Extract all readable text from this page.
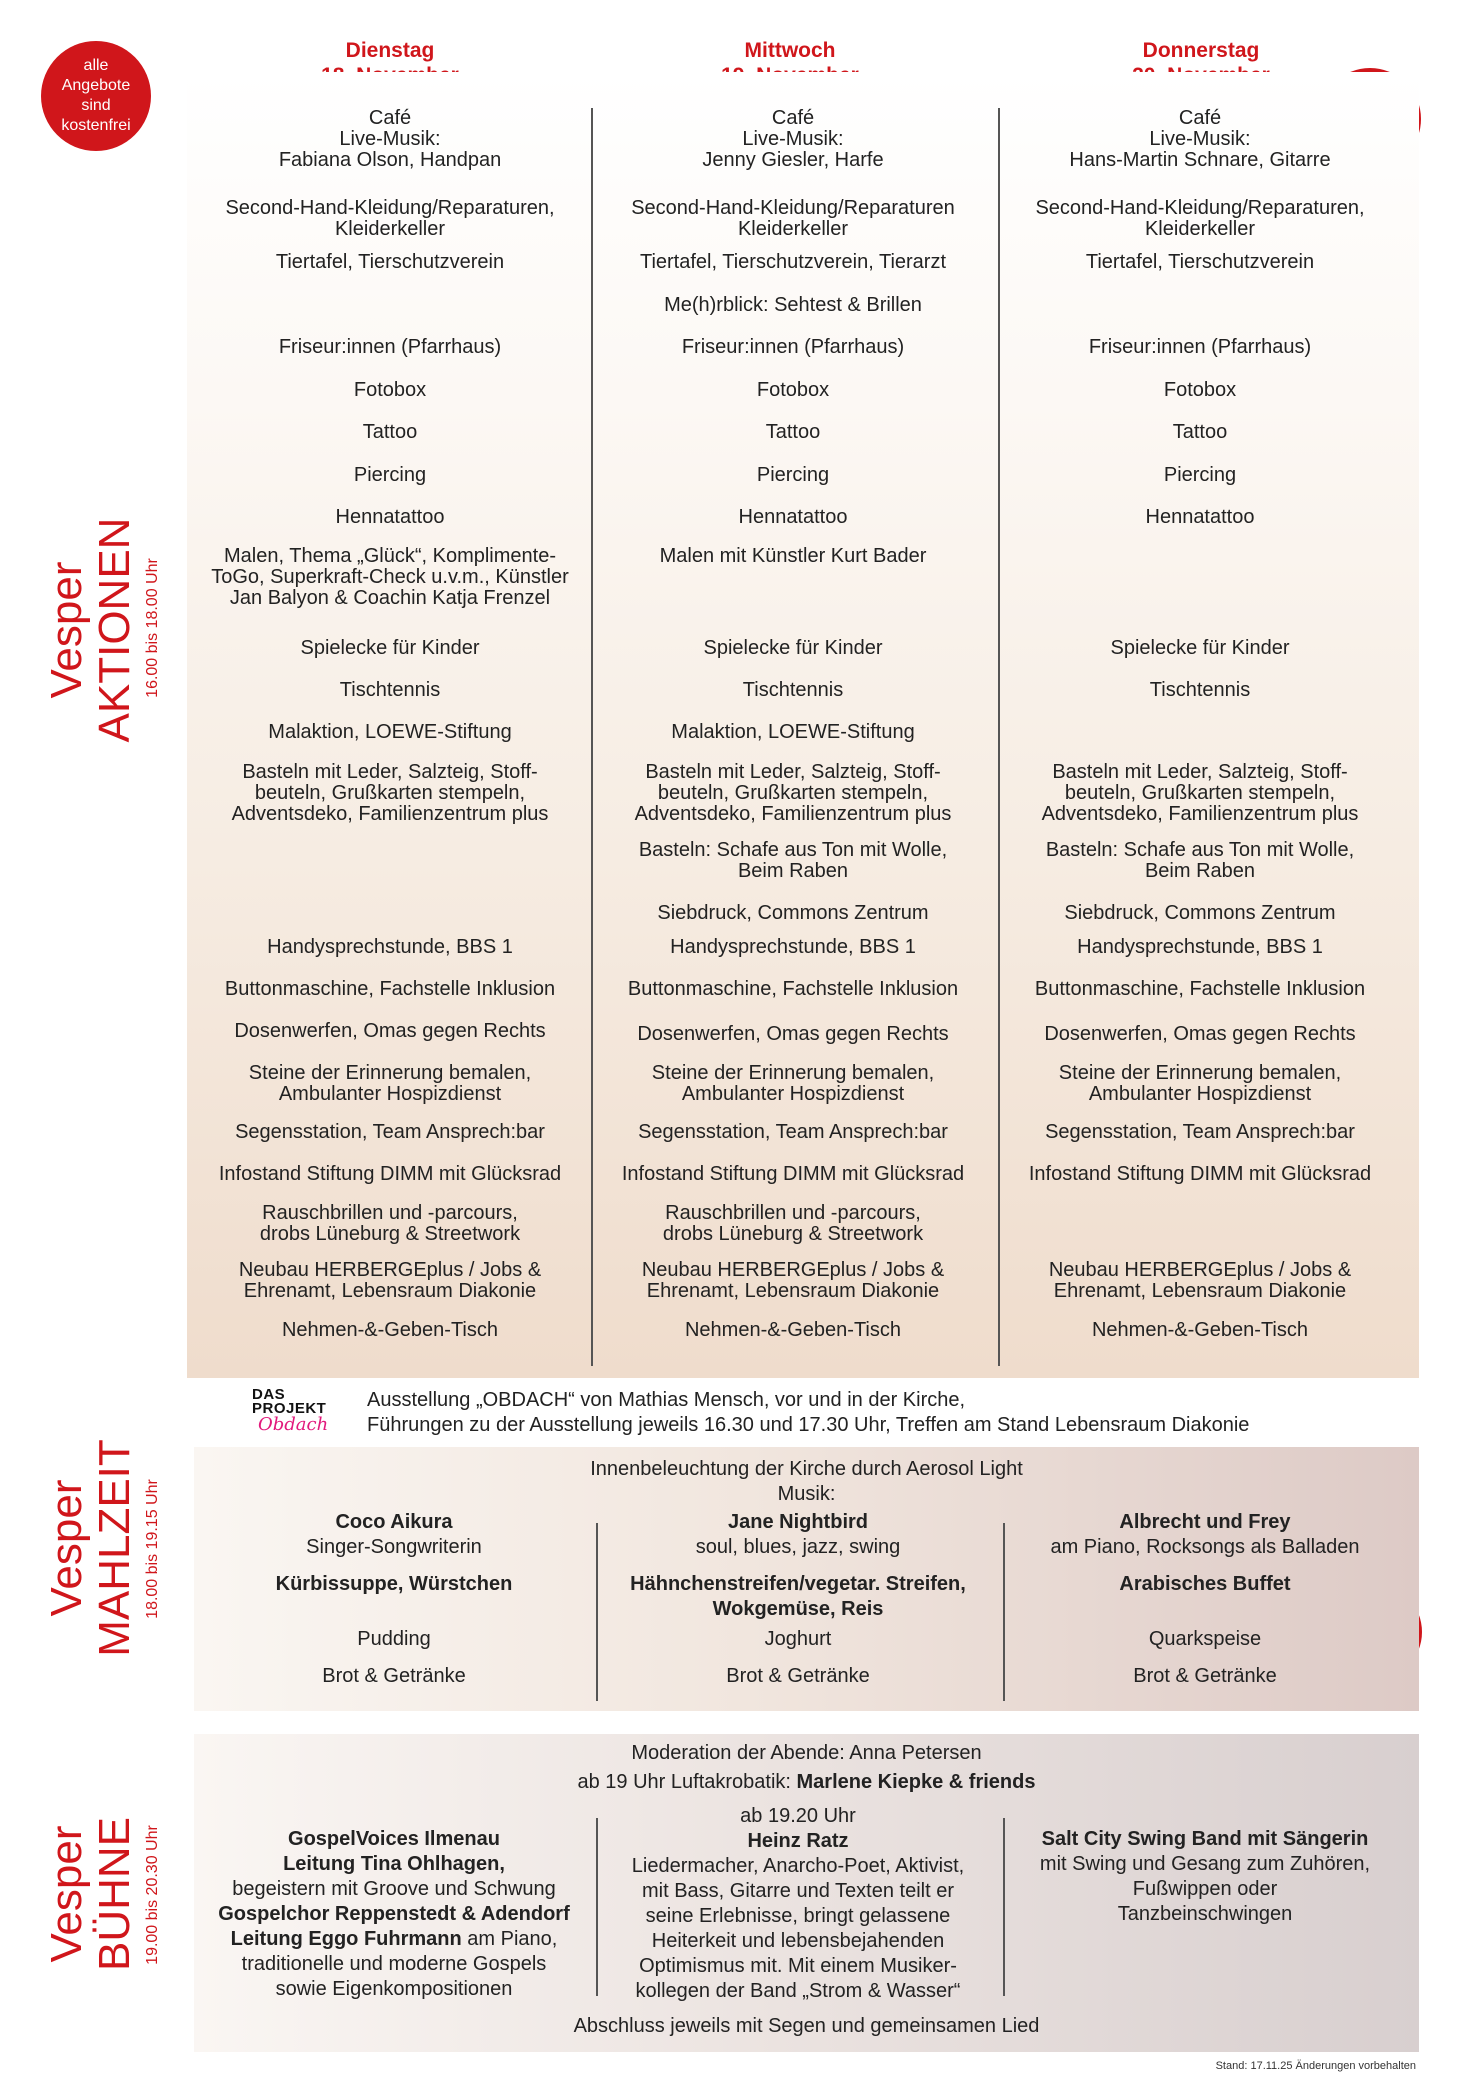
alle Angebote sind kostenfrei
Dienstag	Mittwoch	Donnerstag
Café
Live-Musik:
Fabiana Olson, Handpan
Second-Hand-Kleidung/Reparaturen,
Kleiderkeller
Tiertafel, Tierschutzverein
Friseur:innen (Pfarrhaus)
Fotobox
Tattoo
Piercing
Hennatattoo
Malen, Thema „Glück“, Komplimente-
ToGo, Superkraft-Check u.v.m., Künstler
Jan Balyon & Coachin Katja Frenzel
Spielecke für Kinder
Tischtennis
Malaktion, LOEWE-Stiftung
Basteln mit Leder, Salzteig, Stoff-
beuteln, Grußkarten stempeln,
Adventsdeko, Familienzentrum plus
Handysprechstunde, BBS 1
Buttonmaschine, Fachstelle Inklusion
Dosenwerfen, Omas gegen Rechts
Steine der Erinnerung bemalen,
Ambulanter Hospizdienst
Segensstation, Team Ansprech:bar
Infostand Stiftung DIMM mit Glücksrad
Rauschbrillen und -parcours,
drobs Lüneburg & Streetwork
Neubau HERBERGEplus / Jobs &
Ehrenamt, Lebensraum Diakonie
Nehmen-&-Geben-Tisch
Café
Live-Musik:
Jenny Giesler, Harfe
Second-Hand-Kleidung/Reparaturen
Kleiderkeller
Tiertafel, Tierschutzverein, Tierarzt
Me(h)rblick: Sehtest & Brillen
Friseur:innen (Pfarrhaus)
Fotobox
Tattoo
Piercing
Hennatattoo
Malen mit Künstler Kurt Bader
Spielecke für Kinder
Tischtennis
Malaktion, LOEWE-Stiftung
Basteln mit Leder, Salzteig, Stoff-
beuteln, Grußkarten stempeln,
Adventsdeko, Familienzentrum plus
Basteln: Schafe aus Ton mit Wolle,
Beim Raben
Siebdruck, Commons Zentrum
Handysprechstunde, BBS 1
Buttonmaschine, Fachstelle Inklusion
Dosenwerfen, Omas gegen Rechts
Steine der Erinnerung bemalen,
Ambulanter Hospizdienst
Segensstation, Team Ansprech:bar
Infostand Stiftung DIMM mit Glücksrad
Rauschbrillen und -parcours,
drobs Lüneburg & Streetwork
Neubau HERBERGEplus / Jobs &
Ehrenamt, Lebensraum Diakonie
Nehmen-&-Geben-Tisch
Café
Live-Musik:
Hans-Martin Schnare, Gitarre
Second-Hand-Kleidung/Reparaturen,
Kleiderkeller
Tiertafel, Tierschutzverein
Friseur:innen (Pfarrhaus)
Fotobox
Tattoo
Piercing
Hennatattoo
Spielecke für Kinder
Tischtennis
Basteln mit Leder, Salzteig, Stoff-
beuteln, Grußkarten stempeln,
Adventsdeko, Familienzentrum plus
Basteln: Schafe aus Ton mit Wolle,
Beim Raben
Siebdruck, Commons Zentrum
Handysprechstunde, BBS 1
Buttonmaschine, Fachstelle Inklusion
Dosenwerfen, Omas gegen Rechts
Steine der Erinnerung bemalen,
Ambulanter Hospizdienst
Segensstation, Team Ansprech:bar
Infostand Stiftung DIMM mit Glücksrad
Neubau HERBERGEplus / Jobs &
Ehrenamt, Lebensraum Diakonie
Nehmen-&-Geben-Tisch
Vesper AKTIONEN 16.00 bis 18.00 Uhr
DAS
PROJEKT
Obdach
Ausstellung „OBDACH“ von Mathias Mensch, vor und in der Kirche,
Führungen zu der Ausstellung jeweils 16.30 und 17.30 Uhr, Treffen am Stand Lebensraum Diakonie
Innenbeleuchtung der Kirche durch Aerosol Light
Musik:
Coco Aikura
Singer-Songwriterin
Kürbissuppe, Würstchen
Pudding
Brot & Getränke
Jane Nightbird
soul, blues, jazz, swing
Hähnchenstreifen/vegetar. Streifen,
Wokgemüse, Reis
Joghurt
Brot & Getränke
Albrecht und Frey
am Piano, Rocksongs als Balladen
Arabisches Buffet
Quarkspeise
Brot & Getränke
Vesper MAHLZEIT 18.00 bis 19.15 Uhr
Moderation der Abende: Anna Petersen
ab 19 Uhr Luftakrobatik: Marlene Kiepke & friends
GospelVoices Ilmenau
Leitung Tina Ohlhagen,
begeistern mit Groove und Schwung
Gospelchor Reppenstedt & Adendorf
Leitung Eggo Fuhrmann am Piano,
traditionelle und moderne Gospels
sowie Eigenkompositionen
ab 19.20 Uhr
Heinz Ratz
Liedermacher, Anarcho-Poet, Aktivist,
mit Bass, Gitarre und Texten teilt er
seine Erlebnisse, bringt gelassene
Heiterkeit und lebensbejahenden
Optimismus mit. Mit einem Musiker-
kollegen der Band „Strom & Wasser“
Salt City Swing Band mit Sängerin
mit Swing und Gesang zum Zuhören,
Fußwippen oder
Tanzbeinschwingen
Abschluss jeweils mit Segen und gemeinsamen Lied
Vesper BÜHNE 19.00 bis 20.30 Uhr
Stand: 17.11.25 Änderungen vorbehalten
